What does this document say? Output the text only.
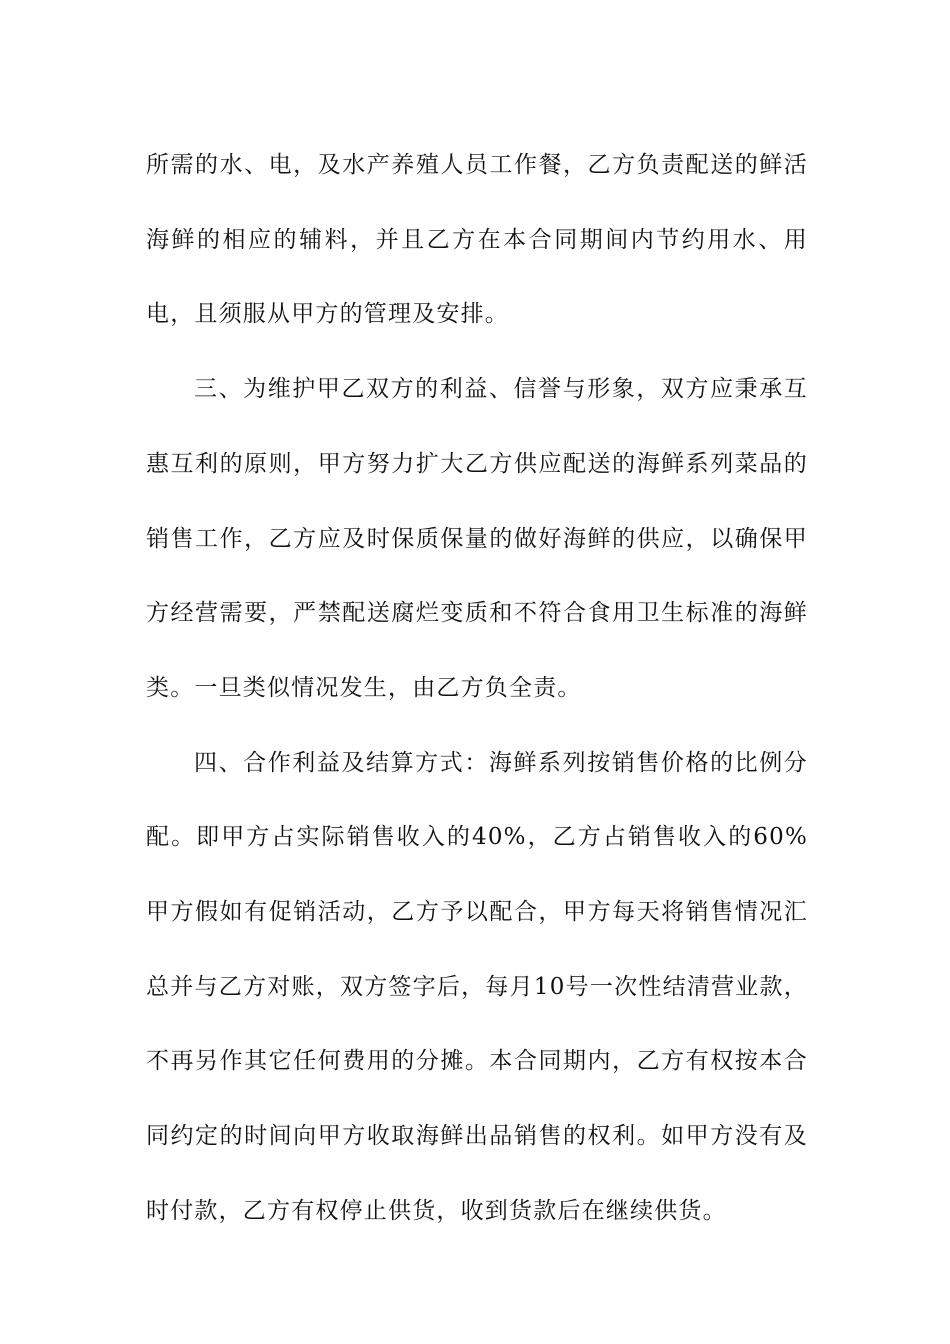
所需的水、电，及水产养殖人员工作餐，乙方负责配送的鲜活海鲜的相应的辅料，并且乙方在本合同期间内节约用水、用电，且须服从甲方的管理及安排。

三、为维护甲乙双方的利益、信誉与形象，双方应秉承互惠互利的原则，甲方努力扩大乙方供应配送的海鲜系列菜品的销售工作，乙方应及时保质保量的做好海鲜的供应，以确保甲方经营需要，严禁配送腐烂变质和不符合食用卫生标准的海鲜类。一旦类似情况发生，由乙方负全责。

四、合作利益及结算方式：海鲜系列按销售价格的比例分配。即甲方占实际销售收入的40%，乙方占销售收入的60%甲方假如有促销活动，乙方予以配合，甲方每天将销售情况汇总并与乙方对账，双方签字后，每月10号一次性结清营业款，不再另作其它任何费用的分摊。本合同期内，乙方有权按本合同约定的时间向甲方收取海鲜出品销售的权利。如甲方没有及时付款，乙方有权停止供货，收到货款后在继续供货。
